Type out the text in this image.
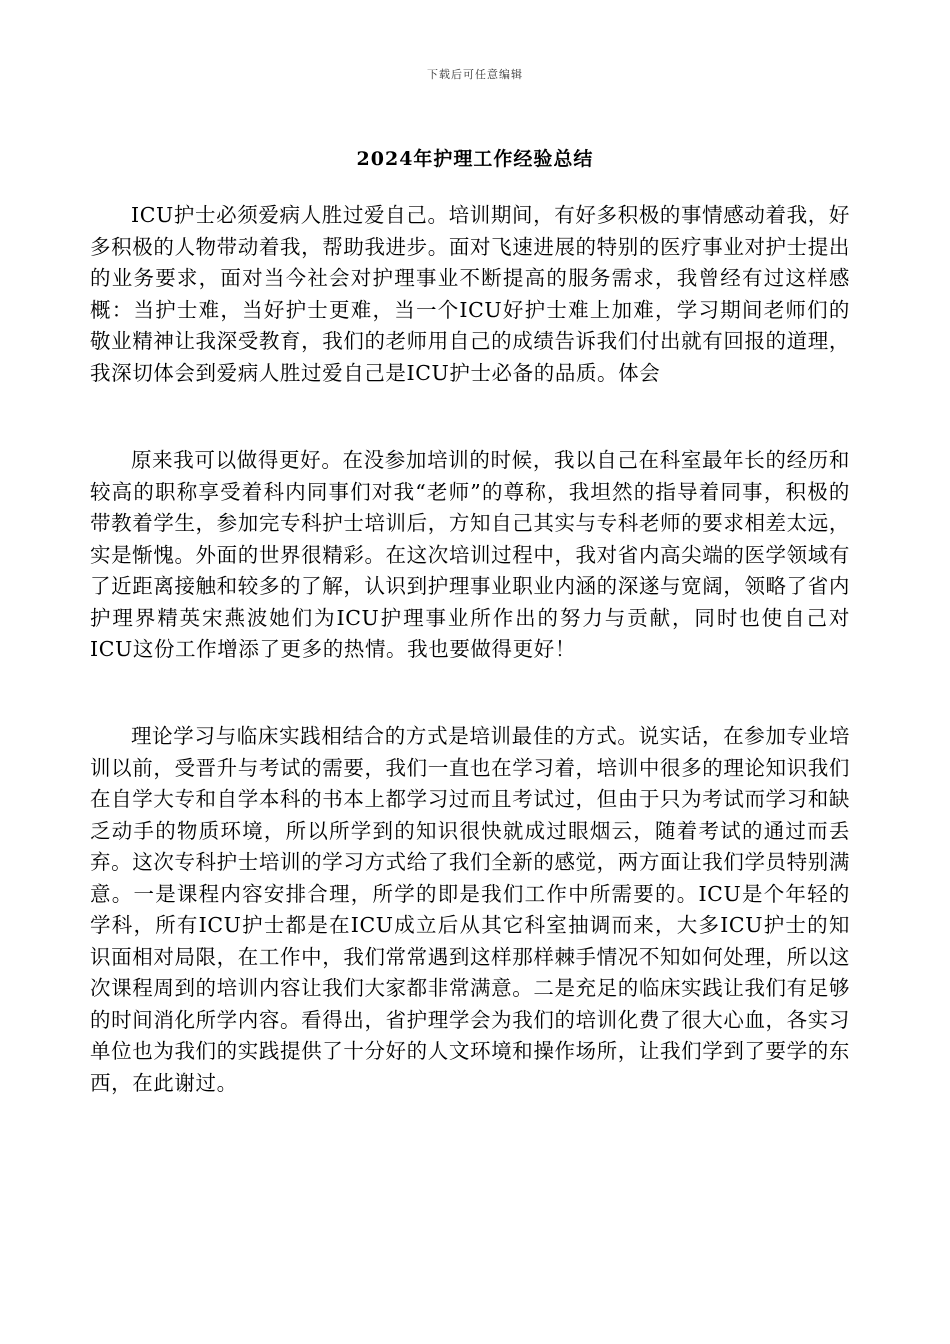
下载后可任意编辑
2024年护理工作经验总结

ICU护士必须爱病人胜过爱自己。培训期间，有好多积极的事情感动着我，好多积极的人物带动着我，帮助我进步。面对飞速进展的特别的医疗事业对护士提出的业务要求，面对当今社会对护理事业不断提高的服务需求，我曾经有过这样感概：当护士难，当好护士更难，当一个ICU好护士难上加难，学习期间老师们的敬业精神让我深受教育，我们的老师用自己的成绩告诉我们付出就有回报的道理，我深切体会到爱病人胜过爱自己是ICU护士必备的品质。体会

原来我可以做得更好。在没参加培训的时候，我以自己在科室最年长的经历和较高的职称享受着科内同事们对我“老师”的尊称，我坦然的指导着同事，积极的带教着学生，参加完专科护士培训后，方知自己其实与专科老师的要求相差太远，实是惭愧。外面的世界很精彩。在这次培训过程中，我对省内高尖端的医学领域有了近距离接触和较多的了解，认识到护理事业职业内涵的深遂与宽阔，领略了省内护理界精英宋燕波她们为ICU护理事业所作出的努力与贡献，同时也使自己对ICU这份工作增添了更多的热情。我也要做得更好！

理论学习与临床实践相结合的方式是培训最佳的方式。说实话，在参加专业培训以前，受晋升与考试的需要，我们一直也在学习着，培训中很多的理论知识我们在自学大专和自学本科的书本上都学习过而且考试过，但由于只为考试而学习和缺乏动手的物质环境，所以所学到的知识很快就成过眼烟云，随着考试的通过而丢弃。这次专科护士培训的学习方式给了我们全新的感觉，两方面让我们学员特别满意。一是课程内容安排合理，所学的即是我们工作中所需要的。ICU是个年轻的学科，所有ICU护士都是在ICU成立后从其它科室抽调而来，大多ICU护士的知识面相对局限，在工作中，我们常常遇到这样那样棘手情况不知如何处理，所以这次课程周到的培训内容让我们大家都非常满意。二是充足的临床实践让我们有足够的时间消化所学内容。看得出，省护理学会为我们的培训化费了很大心血，各实习单位也为我们的实践提供了十分好的人文环境和操作场所，让我们学到了要学的东西，在此谢过。
